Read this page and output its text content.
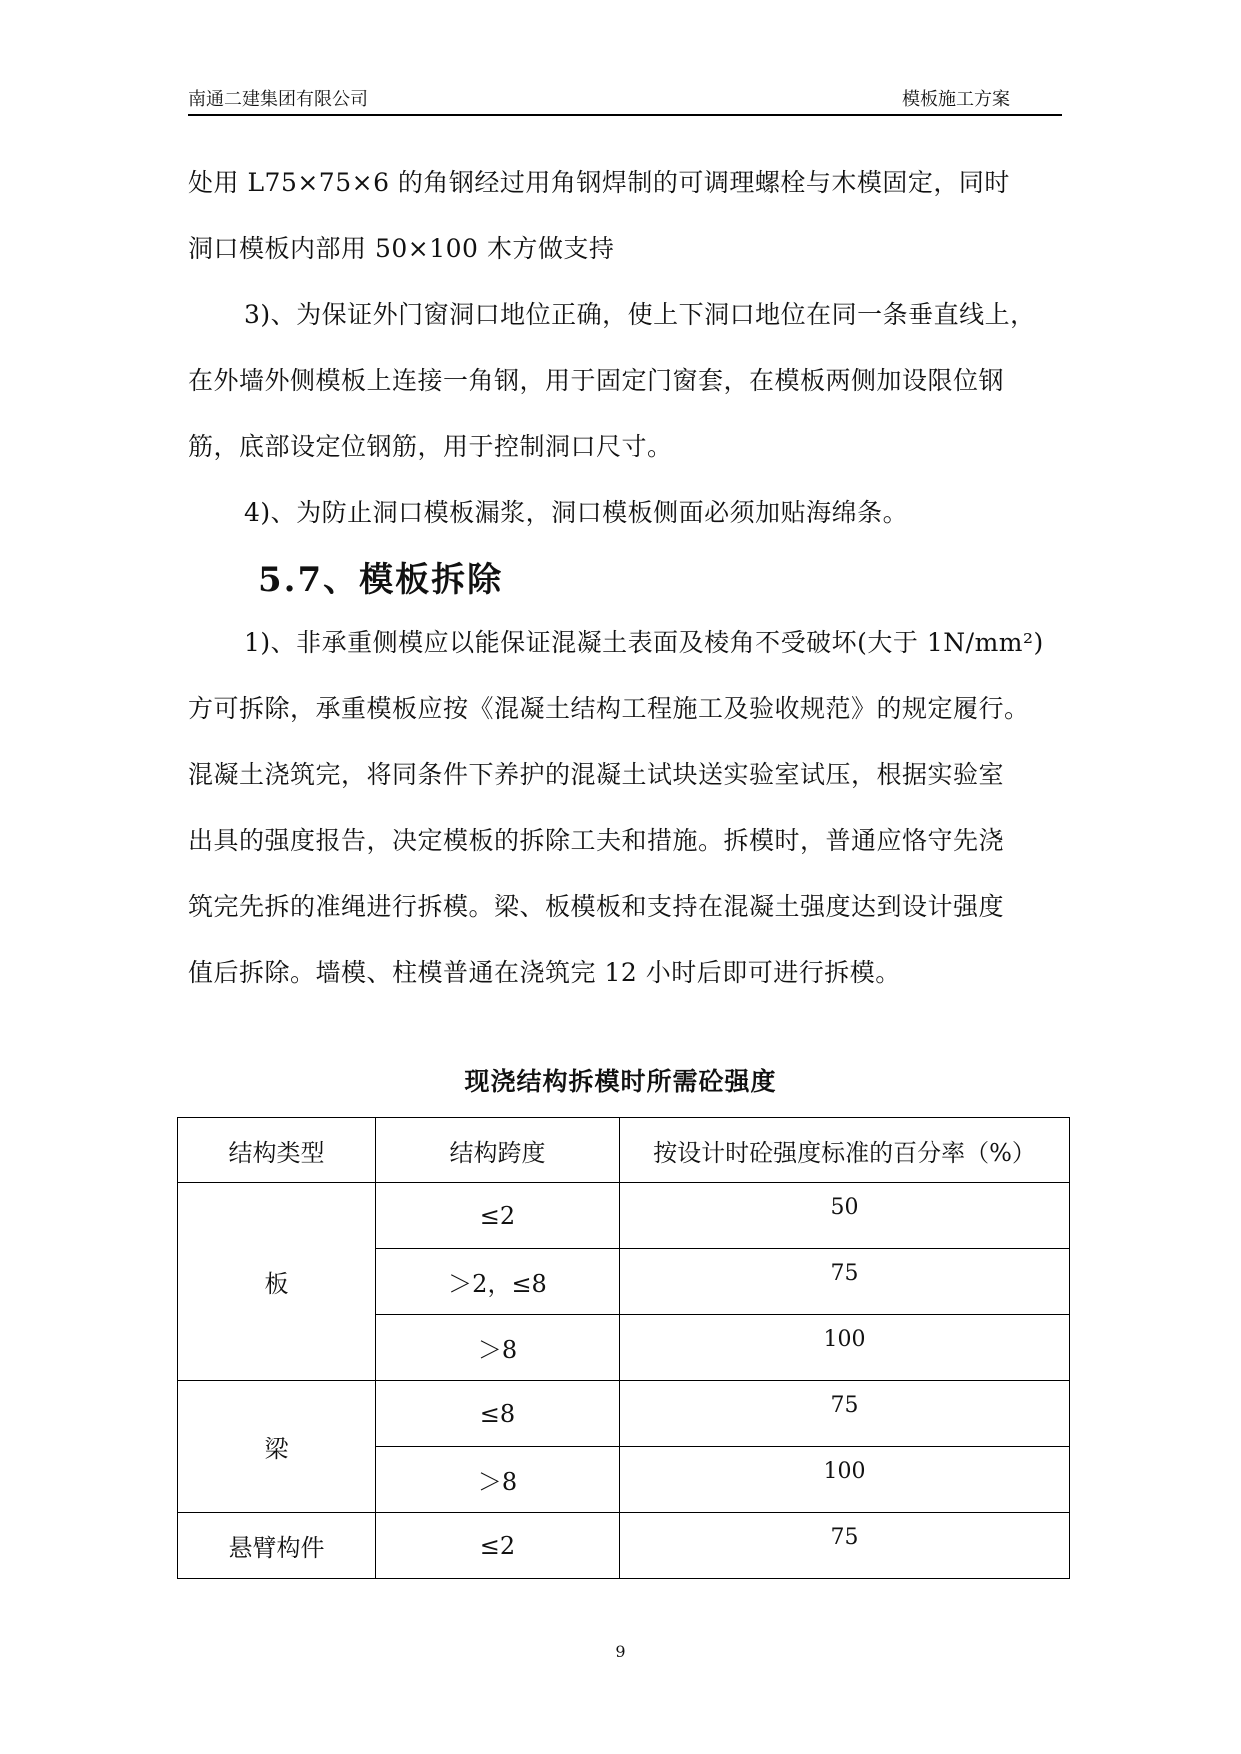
南通二建集团有限公司	模板施工方案

处用 L75×75×6 的角钢经过用角钢焊制的可调理螺栓与木模固定，同时
洞口模板内部用 50×100 木方做支持

3)、为保证外门窗洞口地位正确，使上下洞口地位在同一条垂直线上，
在外墙外侧模板上连接一角钢，用于固定门窗套，在模板两侧加设限位钢
筋，底部设定位钢筋，用于控制洞口尺寸。

4)、为防止洞口模板漏浆，洞口模板侧面必须加贴海绵条。

5.7、模板拆除

1)、非承重侧模应以能保证混凝土表面及棱角不受破坏(大于 1N/mm²)
方可拆除，承重模板应按《混凝土结构工程施工及验收规范》的规定履行。
混凝土浇筑完，将同条件下养护的混凝土试块送实验室试压，根据实验室
出具的强度报告，决定模板的拆除工夫和措施。拆模时，普通应恪守先浇
筑完先拆的准绳进行拆模。梁、板模板和支持在混凝土强度达到设计强度
值后拆除。墙模、柱模普通在浇筑完 12 小时后即可进行拆模。

现浇结构拆模时所需砼强度

结构类型	结构跨度	按设计时砼强度标准的百分率（%）
板	≤2	50
	＞2，≤8	75
	＞8	100
梁	≤8	75
	＞8	100
悬臂构件	≤2	75
9
